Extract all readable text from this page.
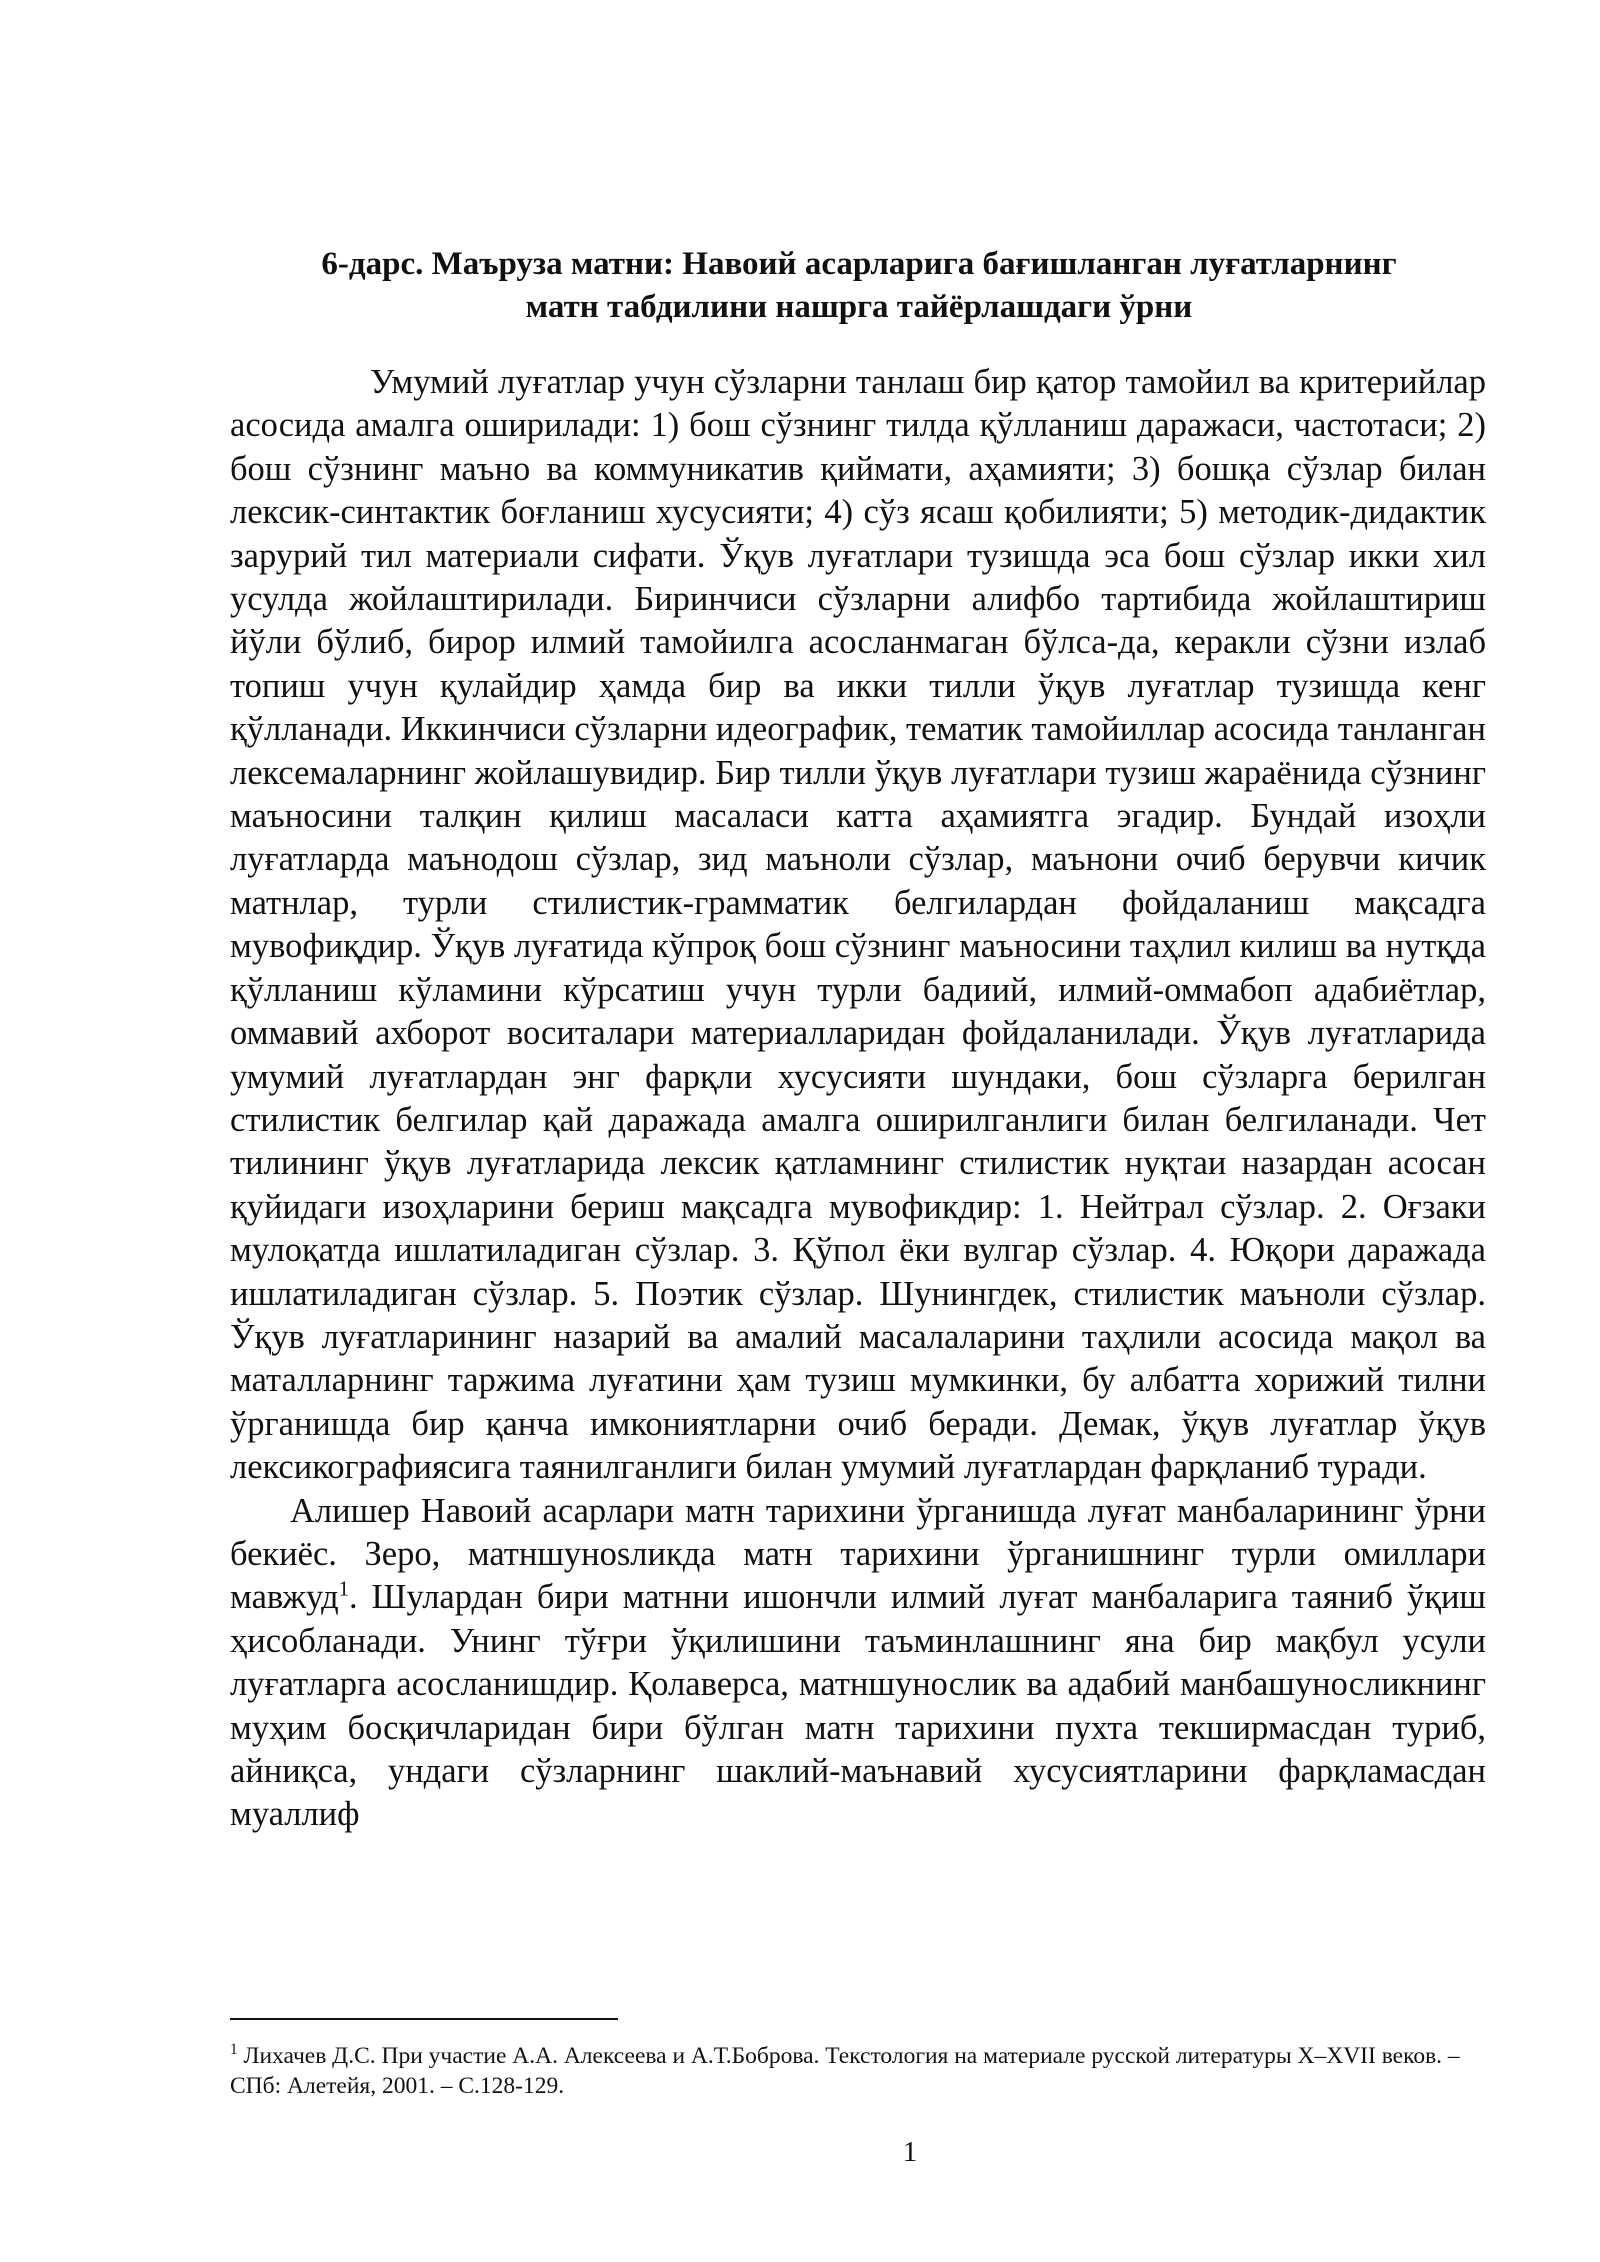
6-дарс. Маъруза матни: Навоий асарларига бағишланган луғатларнинг
матн табдилини нашрга тайёрлашдаги ўрни

Умумий луғатлар учун сўзларни танлаш бир қатор тамойил ва критерийлар асосида амалга оширилади: 1) бош сўзнинг тилда қўлланиш даражаси, частотаси; 2) бош сўзнинг маъно ва коммуникатив қиймати, аҳамияти; 3) бошқа сўзлар билан лексик-синтактик боғланиш хусусияти; 4) сўз ясаш қобилияти; 5) методик-дидактик зарурий тил материали сифати. Ўқув луғатлари тузишда эса бош сўзлар икки хил усулда жойлаштирилади. Биринчиси сўзларни алифбо тартибида жойлаштириш йўли бўлиб, бирор илмий тамойилга асосланмаган бўлса-да, керакли сўзни излаб топиш учун қулайдир ҳамда бир ва икки тилли ўқув луғатлар тузишда кенг қўлланади. Иккинчиси сўзларни идеографик, тематик тамойиллар асосида танланган лексемаларнинг жойлашувидир. Бир тилли ўқув луғатлари тузиш жараёнида сўзнинг маъносини талқин қилиш масаласи катта аҳамиятга эгадир. Бундай изоҳли луғатларда маънодош сўзлар, зид маъноли сўзлар, маънони очиб берувчи кичик матнлар, турли стилистик-грамматик белгилардан фойдаланиш мақсадга мувофиқдир. Ўқув луғатида кўпроқ бош сўзнинг маъносини таҳлил килиш ва нутқда қўлланиш кўламини кўрсатиш учун турли бадиий, илмий-оммабоп адабиётлар, оммавий ахборот воситалари материалларидан фойдаланилади. Ўқув луғатларида умумий луғатлардан энг фарқли хусусияти шундаки, бош сўзларга берилган стилистик белгилар қай даражада амалга оширилганлиги билан белгиланади. Чет тилининг ўқув луғатларида лексик қатламнинг стилистик нуқтаи назардан асосан қуйидаги изоҳларини бериш мақсадга мувофикдир: 1. Нейтрал сўзлар. 2. Оғзаки мулоқатда ишлатиладиган сўзлар. 3. Қўпол ёки вулгар сўзлар. 4. Юқори даражада ишлатиладиган сўзлар. 5. Поэтик сўзлар. Шунингдек, стилистик маъноли сўзлар. Ўқув луғатларининг назарий ва амалий масалаларини таҳлили асосида мақол ва маталларнинг таржима луғатини ҳам тузиш мумкинки, бу албатта хорижий тилни ўрганишда бир қанча имкониятларни очиб беради. Демак, ўқув луғатлар ўқув лексикографиясига таянилганлиги билан умумий луғатлардан фарқланиб туради.

Алишер Навоий асарлари матн тарихини ўрганишда луғат манбаларининг ўрни бекиёс. Зеро, матншунosликда матн тарихини ўрганишнинг турли омиллари мавжуд$^1$. Шулардан бири матнни ишончли илмий луғат манбаларига таяниб ўқиш ҳисобланади. Унинг тўғри ўқилишини таъминлашнинг яна бир мақбул усули луғатларга асосланишдир. Қолаверса, матншунослик ва адабий манбашуносликнинг муҳим босқичларидан бири бўлган матн тарихини пухта текширмасдан туриб, айниқса, ундаги сўзларнинг шаклий-маънавий хусусиятларини фарқламасдан муаллиф

$^1$ Лихачев Д.С. При участие А.А. Алексеева и А.Т.Боброва. Текстология на материале русской литературы X–XVII веков. – СПб: Алетейя, 2001. – С.128-129.

1
